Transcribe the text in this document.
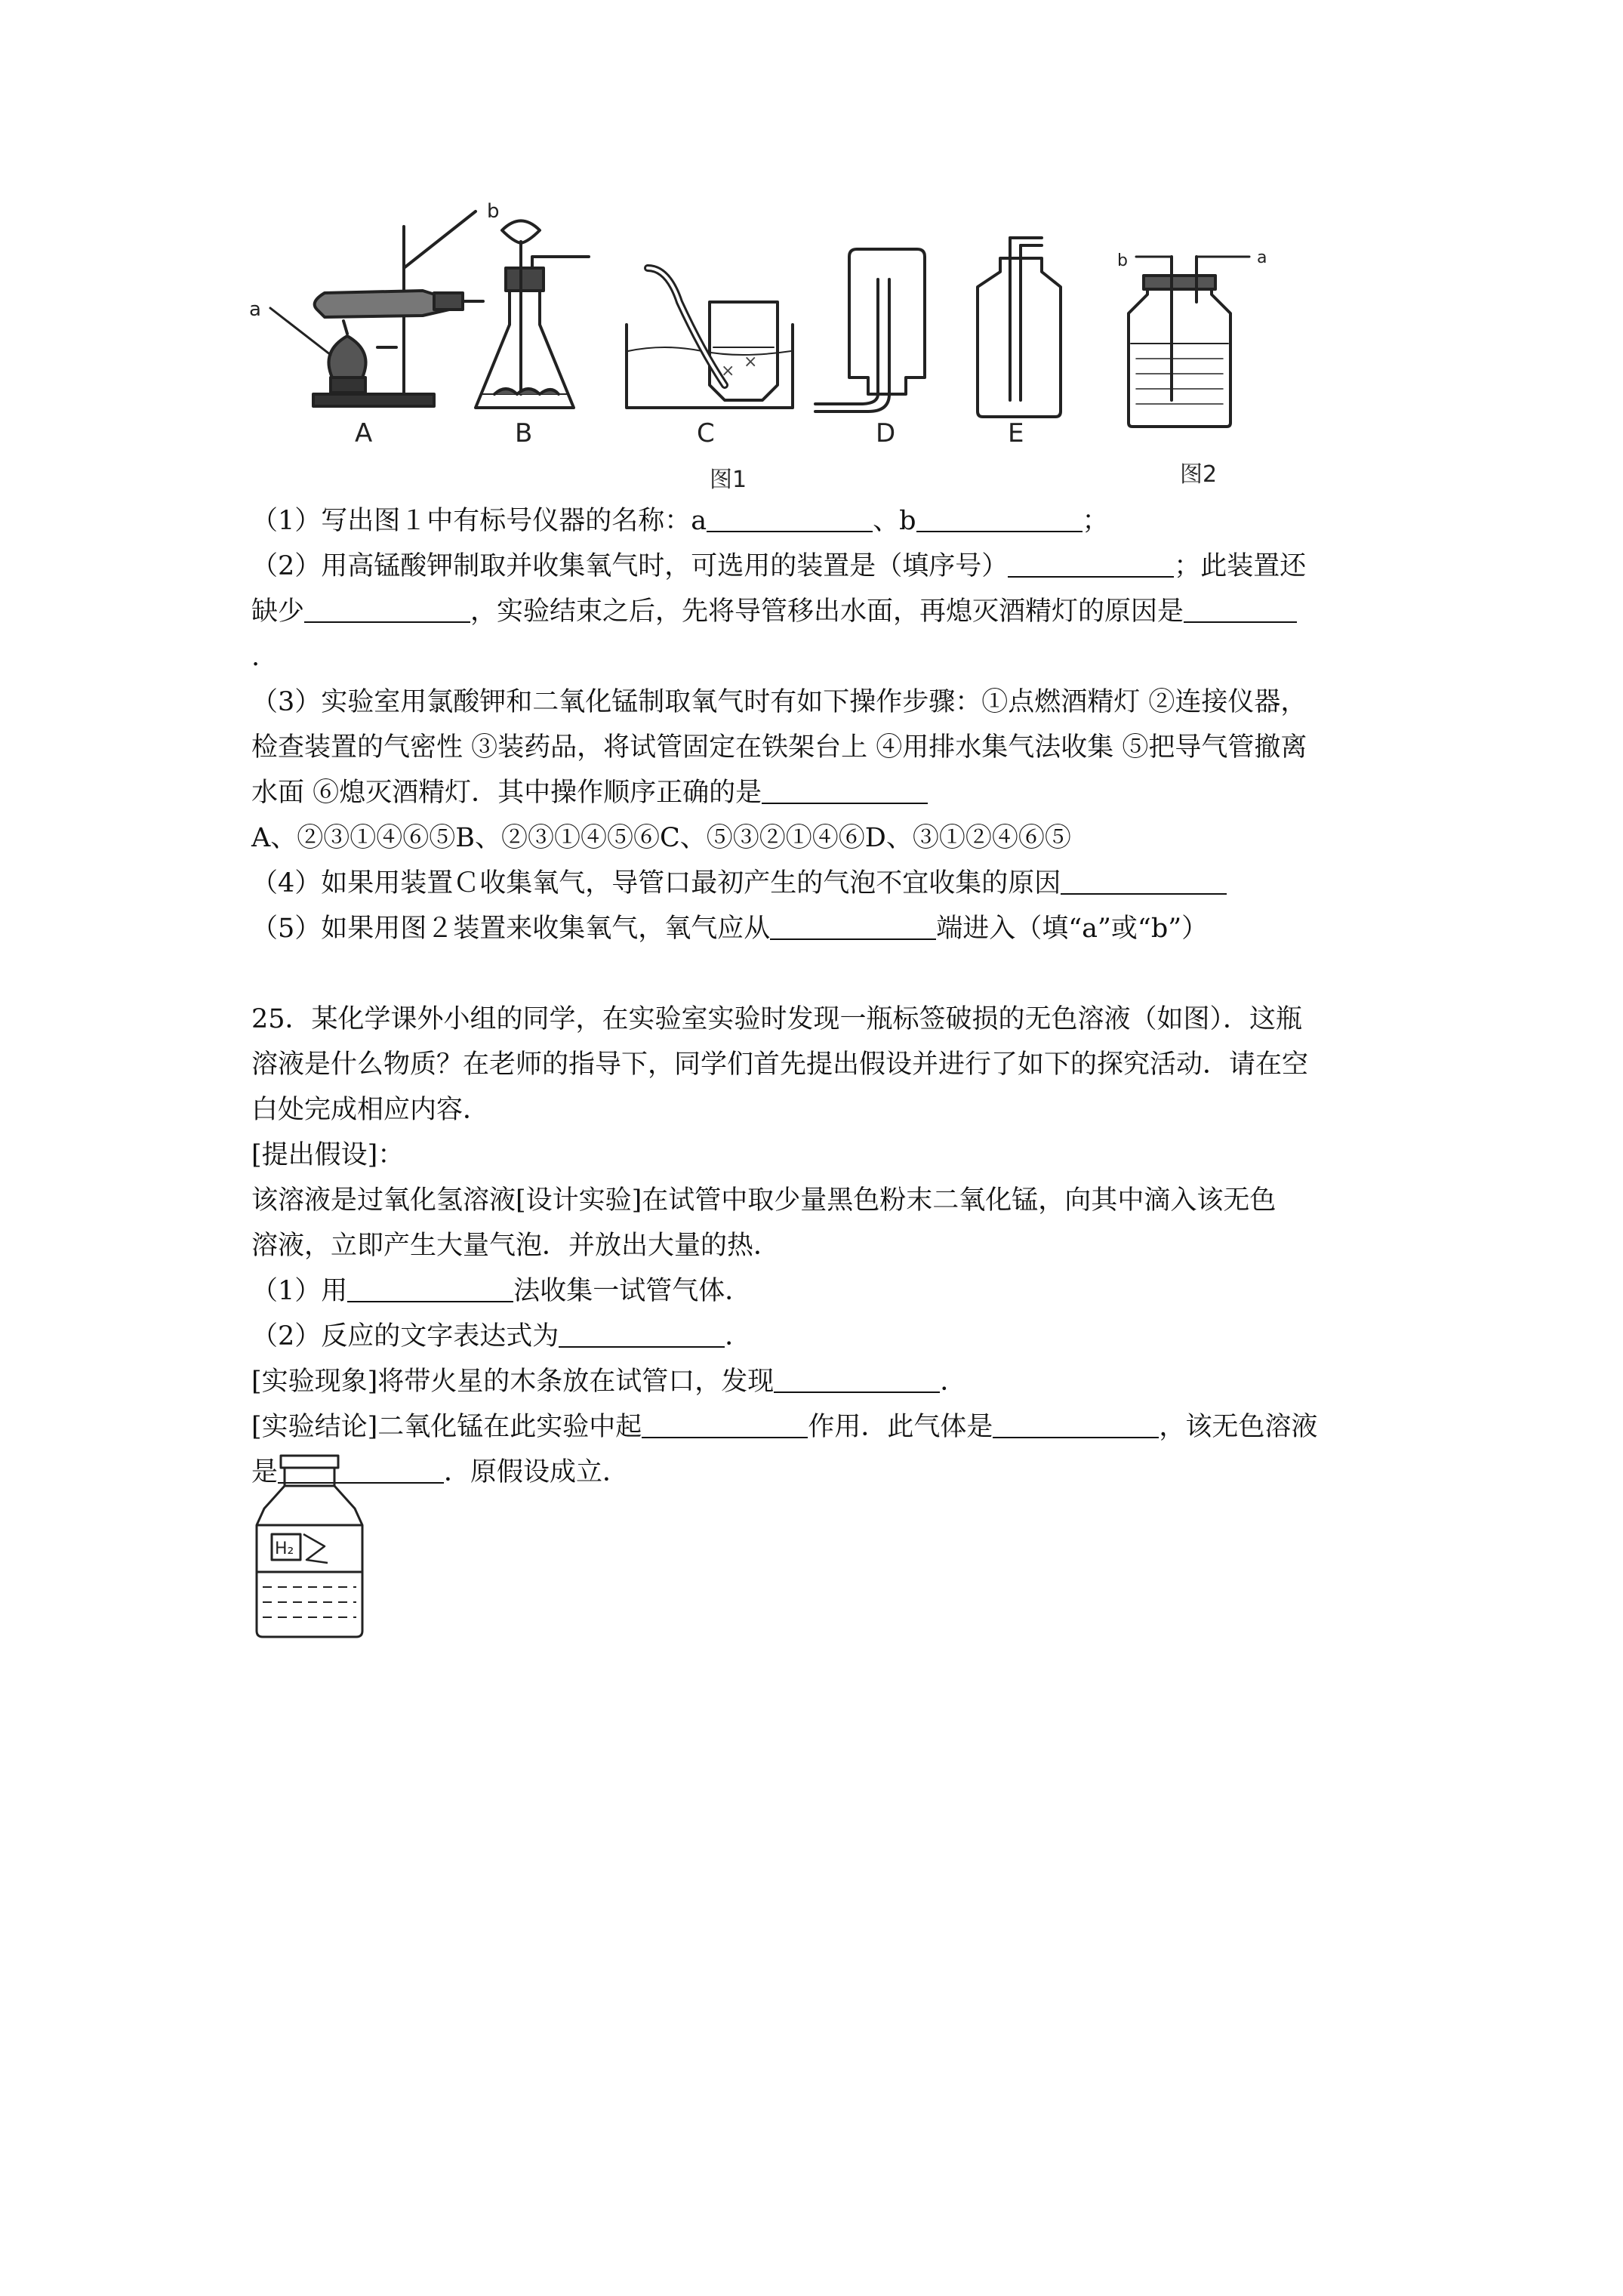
a
b
A	B
× ×
C	D	E
图1
b	a
图2

（1）写出图１中有标号仪器的名称：a	、b	；

（2）用高锰酸钾制取并收集氧气时，可选用的装置是（填序号）	；此装置还

缺少	，实验结束之后，先将导管移出水面，再熄灭酒精灯的原因是

.

（3）实验室用氯酸钾和二氧化锰制取氧气时有如下操作步骤：①点燃酒精灯 ②连接仪器，

检查装置的气密性 ③装药品，将试管固定在铁架台上 ④用排水集气法收集 ⑤把导气管撤离

水面 ⑥熄灭酒精灯．其中操作顺序正确的是

A、②③①④⑥⑤B、②③①④⑤⑥C、⑤③②①④⑥D、③①②④⑥⑤

（4）如果用装置Ｃ收集氧气，导管口最初产生的气泡不宜收集的原因

（5）如果用图２装置来收集氧气，氧气应从	端进入（填“a”或“b”）

25．某化学课外小组的同学，在实验室实验时发现一瓶标签破损的无色溶液（如图）．这瓶

溶液是什么物质？在老师的指导下，同学们首先提出假设并进行了如下的探究活动．请在空

白处完成相应内容．

[提出假设]：

该溶液是过氧化氢溶液[设计实验]在试管中取少量黑色粉末二氧化锰，向其中滴入该无色

溶液，立即产生大量气泡．并放出大量的热．

（1）用	法收集一试管气体．

（2）反应的文字表达式为	．

[实验现象]将带火星的木条放在试管口，发现	．

[实验结论]二氧化锰在此实验中起	作用．此气体是	，该无色溶液

是	．原假设成立．

H₂
